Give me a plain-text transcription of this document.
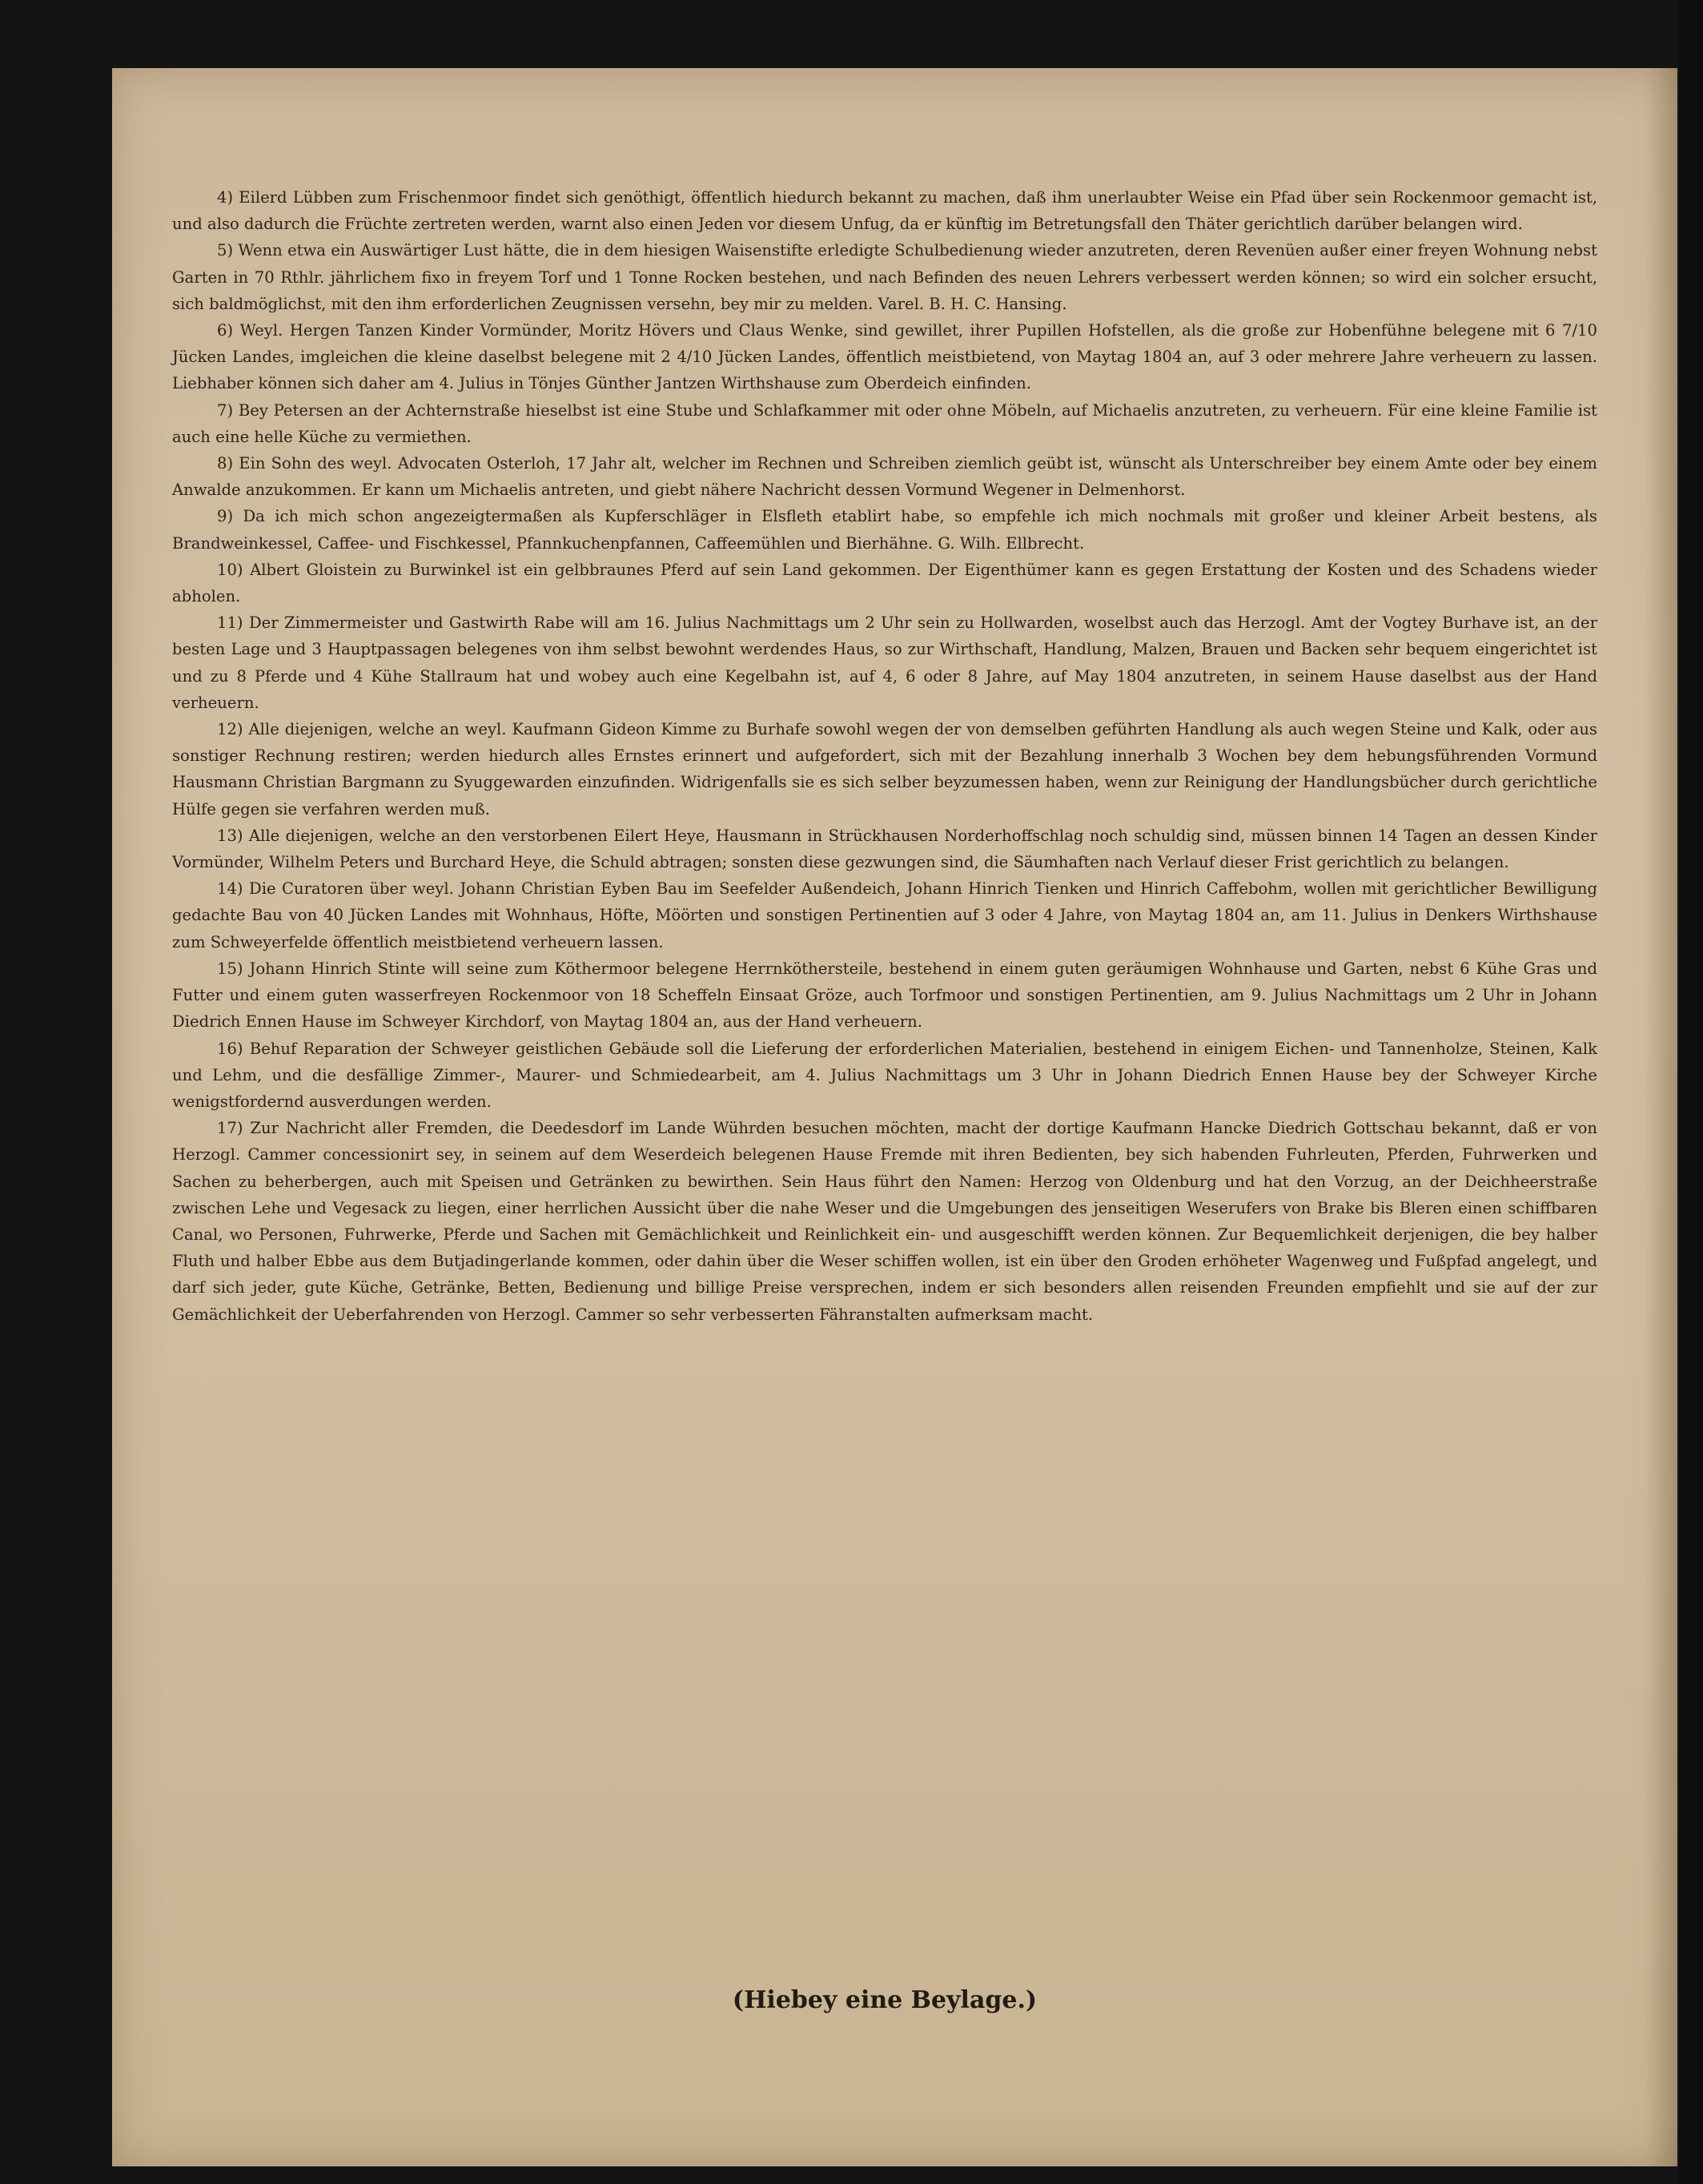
4) Eilerd Lübben zum Frischenmoor findet sich genöthigt, öffentlich hiedurch bekannt zu machen, daß ihm unerlaubter Weise ein Pfad über sein Rockenmoor gemacht ist, und also dadurch die Früchte zertreten werden, warnt also einen Jeden vor diesem Unfug, da er künftig im Betretungsfall den Thäter gerichtlich darüber belangen wird.

5) Wenn etwa ein Auswärtiger Lust hätte, die in dem hiesigen Waisenstifte erledigte Schulbedienung wieder anzutreten, deren Revenüen außer einer freyen Wohnung nebst Garten in 70 Rthlr. jährlichem fixo in freyem Torf und 1 Tonne Rocken bestehen, und nach Befinden des neuen Lehrers verbessert werden können; so wird ein solcher ersucht, sich baldmöglichst, mit den ihm erforderlichen Zeugnissen versehn, bey mir zu melden. Varel. B. H. C. Hansing.

6) Weyl. Hergen Tanzen Kinder Vormünder, Moritz Hövers und Claus Wenke, sind gewillet, ihrer Pupillen Hofstellen, als die große zur Hobenfühne belegene mit 6 7/10 Jücken Landes, imgleichen die kleine daselbst belegene mit 2 4/10 Jücken Landes, öffentlich meistbietend, von Maytag 1804 an, auf 3 oder mehrere Jahre verheuern zu lassen. Liebhaber können sich daher am 4. Julius in Tönjes Günther Jantzen Wirthshause zum Oberdeich einfinden.

7) Bey Petersen an der Achternstraße hieselbst ist eine Stube und Schlafkammer mit oder ohne Möbeln, auf Michaelis anzutreten, zu verheuern. Für eine kleine Familie ist auch eine helle Küche zu vermiethen.

8) Ein Sohn des weyl. Advocaten Osterloh, 17 Jahr alt, welcher im Rechnen und Schreiben ziemlich geübt ist, wünscht als Unterschreiber bey einem Amte oder bey einem Anwalde anzukommen. Er kann um Michaelis antreten, und giebt nähere Nachricht dessen Vormund Wegener in Delmenhorst.

9) Da ich mich schon angezeigtermaßen als Kupferschläger in Elsfleth etablirt habe, so empfehle ich mich nochmals mit großer und kleiner Arbeit bestens, als Brandweinkessel, Caffee- und Fischkessel, Pfannkuchenpfannen, Caffeemühlen und Bierhähne. G. Wilh. Ellbrecht.

10) Albert Gloistein zu Burwinkel ist ein gelbbraunes Pferd auf sein Land gekommen. Der Eigenthümer kann es gegen Erstattung der Kosten und des Schadens wieder abholen.

11) Der Zimmermeister und Gastwirth Rabe will am 16. Julius Nachmittags um 2 Uhr sein zu Hollwarden, woselbst auch das Herzogl. Amt der Vogtey Burhave ist, an der besten Lage und 3 Hauptpassagen belegenes von ihm selbst bewohnt werdendes Haus, so zur Wirthschaft, Handlung, Malzen, Brauen und Backen sehr bequem eingerichtet ist und zu 8 Pferde und 4 Kühe Stallraum hat und wobey auch eine Kegelbahn ist, auf 4, 6 oder 8 Jahre, auf May 1804 anzutreten, in seinem Hause daselbst aus der Hand verheuern.

12) Alle diejenigen, welche an weyl. Kaufmann Gideon Kimme zu Burhafe sowohl wegen der von demselben geführten Handlung als auch wegen Steine und Kalk, oder aus sonstiger Rechnung restiren; werden hiedurch alles Ernstes erinnert und aufgefordert, sich mit der Bezahlung innerhalb 3 Wochen bey dem hebungsführenden Vormund Hausmann Christian Bargmann zu Syuggewarden einzufinden. Widrigenfalls sie es sich selber beyzumessen haben, wenn zur Reinigung der Handlungsbücher durch gerichtliche Hülfe gegen sie verfahren werden muß.

13) Alle diejenigen, welche an den verstorbenen Eilert Heye, Hausmann in Strückhausen Norderhoffschlag noch schuldig sind, müssen binnen 14 Tagen an dessen Kinder Vormünder, Wilhelm Peters und Burchard Heye, die Schuld abtragen; sonsten diese gezwungen sind, die Säumhaften nach Verlauf dieser Frist gerichtlich zu belangen.

14) Die Curatoren über weyl. Johann Christian Eyben Bau im Seefelder Außendeich, Johann Hinrich Tienken und Hinrich Caffebohm, wollen mit gerichtlicher Bewilligung gedachte Bau von 40 Jücken Landes mit Wohnhaus, Höfte, Möörten und sonstigen Pertinentien auf 3 oder 4 Jahre, von Maytag 1804 an, am 11. Julius in Denkers Wirthshause zum Schweyerfelde öffentlich meistbietend verheuern lassen.

15) Johann Hinrich Stinte will seine zum Köthermoor belegene Herrnköthersteile, bestehend in einem guten geräumigen Wohnhause und Garten, nebst 6 Kühe Gras und Futter und einem guten wasserfreyen Rockenmoor von 18 Scheffeln Einsaat Gröze, auch Torfmoor und sonstigen Pertinentien, am 9. Julius Nachmittags um 2 Uhr in Johann Diedrich Ennen Hause im Schweyer Kirchdorf, von Maytag 1804 an, aus der Hand verheuern.

16) Behuf Reparation der Schweyer geistlichen Gebäude soll die Lieferung der erforderlichen Materialien, bestehend in einigem Eichen- und Tannenholze, Steinen, Kalk und Lehm, und die desfällige Zimmer-, Maurer- und Schmiedearbeit, am 4. Julius Nachmittags um 3 Uhr in Johann Diedrich Ennen Hause bey der Schweyer Kirche wenigstfordernd ausverdungen werden.

17) Zur Nachricht aller Fremden, die Deedesdorf im Lande Wührden besuchen möchten, macht der dortige Kaufmann Hancke Diedrich Gottschau bekannt, daß er von Herzogl. Cammer concessionirt sey, in seinem auf dem Weserdeich belegenen Hause Fremde mit ihren Bedienten, bey sich habenden Fuhrleuten, Pferden, Fuhrwerken und Sachen zu beherbergen, auch mit Speisen und Getränken zu bewirthen. Sein Haus führt den Namen: Herzog von Oldenburg und hat den Vorzug, an der Deichheerstraße zwischen Lehe und Vegesack zu liegen, einer herrlichen Aussicht über die nahe Weser und die Umgebungen des jenseitigen Weserufers von Brake bis Bleren einen schiffbaren Canal, wo Personen, Fuhrwerke, Pferde und Sachen mit Gemächlichkeit und Reinlichkeit ein- und ausgeschifft werden können. Zur Bequemlichkeit derjenigen, die bey halber Fluth und halber Ebbe aus dem Butjadingerlande kommen, oder dahin über die Weser schiffen wollen, ist ein über den Groden erhöheter Wagenweg und Fußpfad angelegt, und darf sich jeder, gute Küche, Getränke, Betten, Bedienung und billige Preise versprechen, indem er sich besonders allen reisenden Freunden empfiehlt und sie auf der zur Gemächlichkeit der Ueberfahrenden von Herzogl. Cammer so sehr verbesserten Fähranstalten aufmerksam macht.

(Hiebey eine Beylage.)
